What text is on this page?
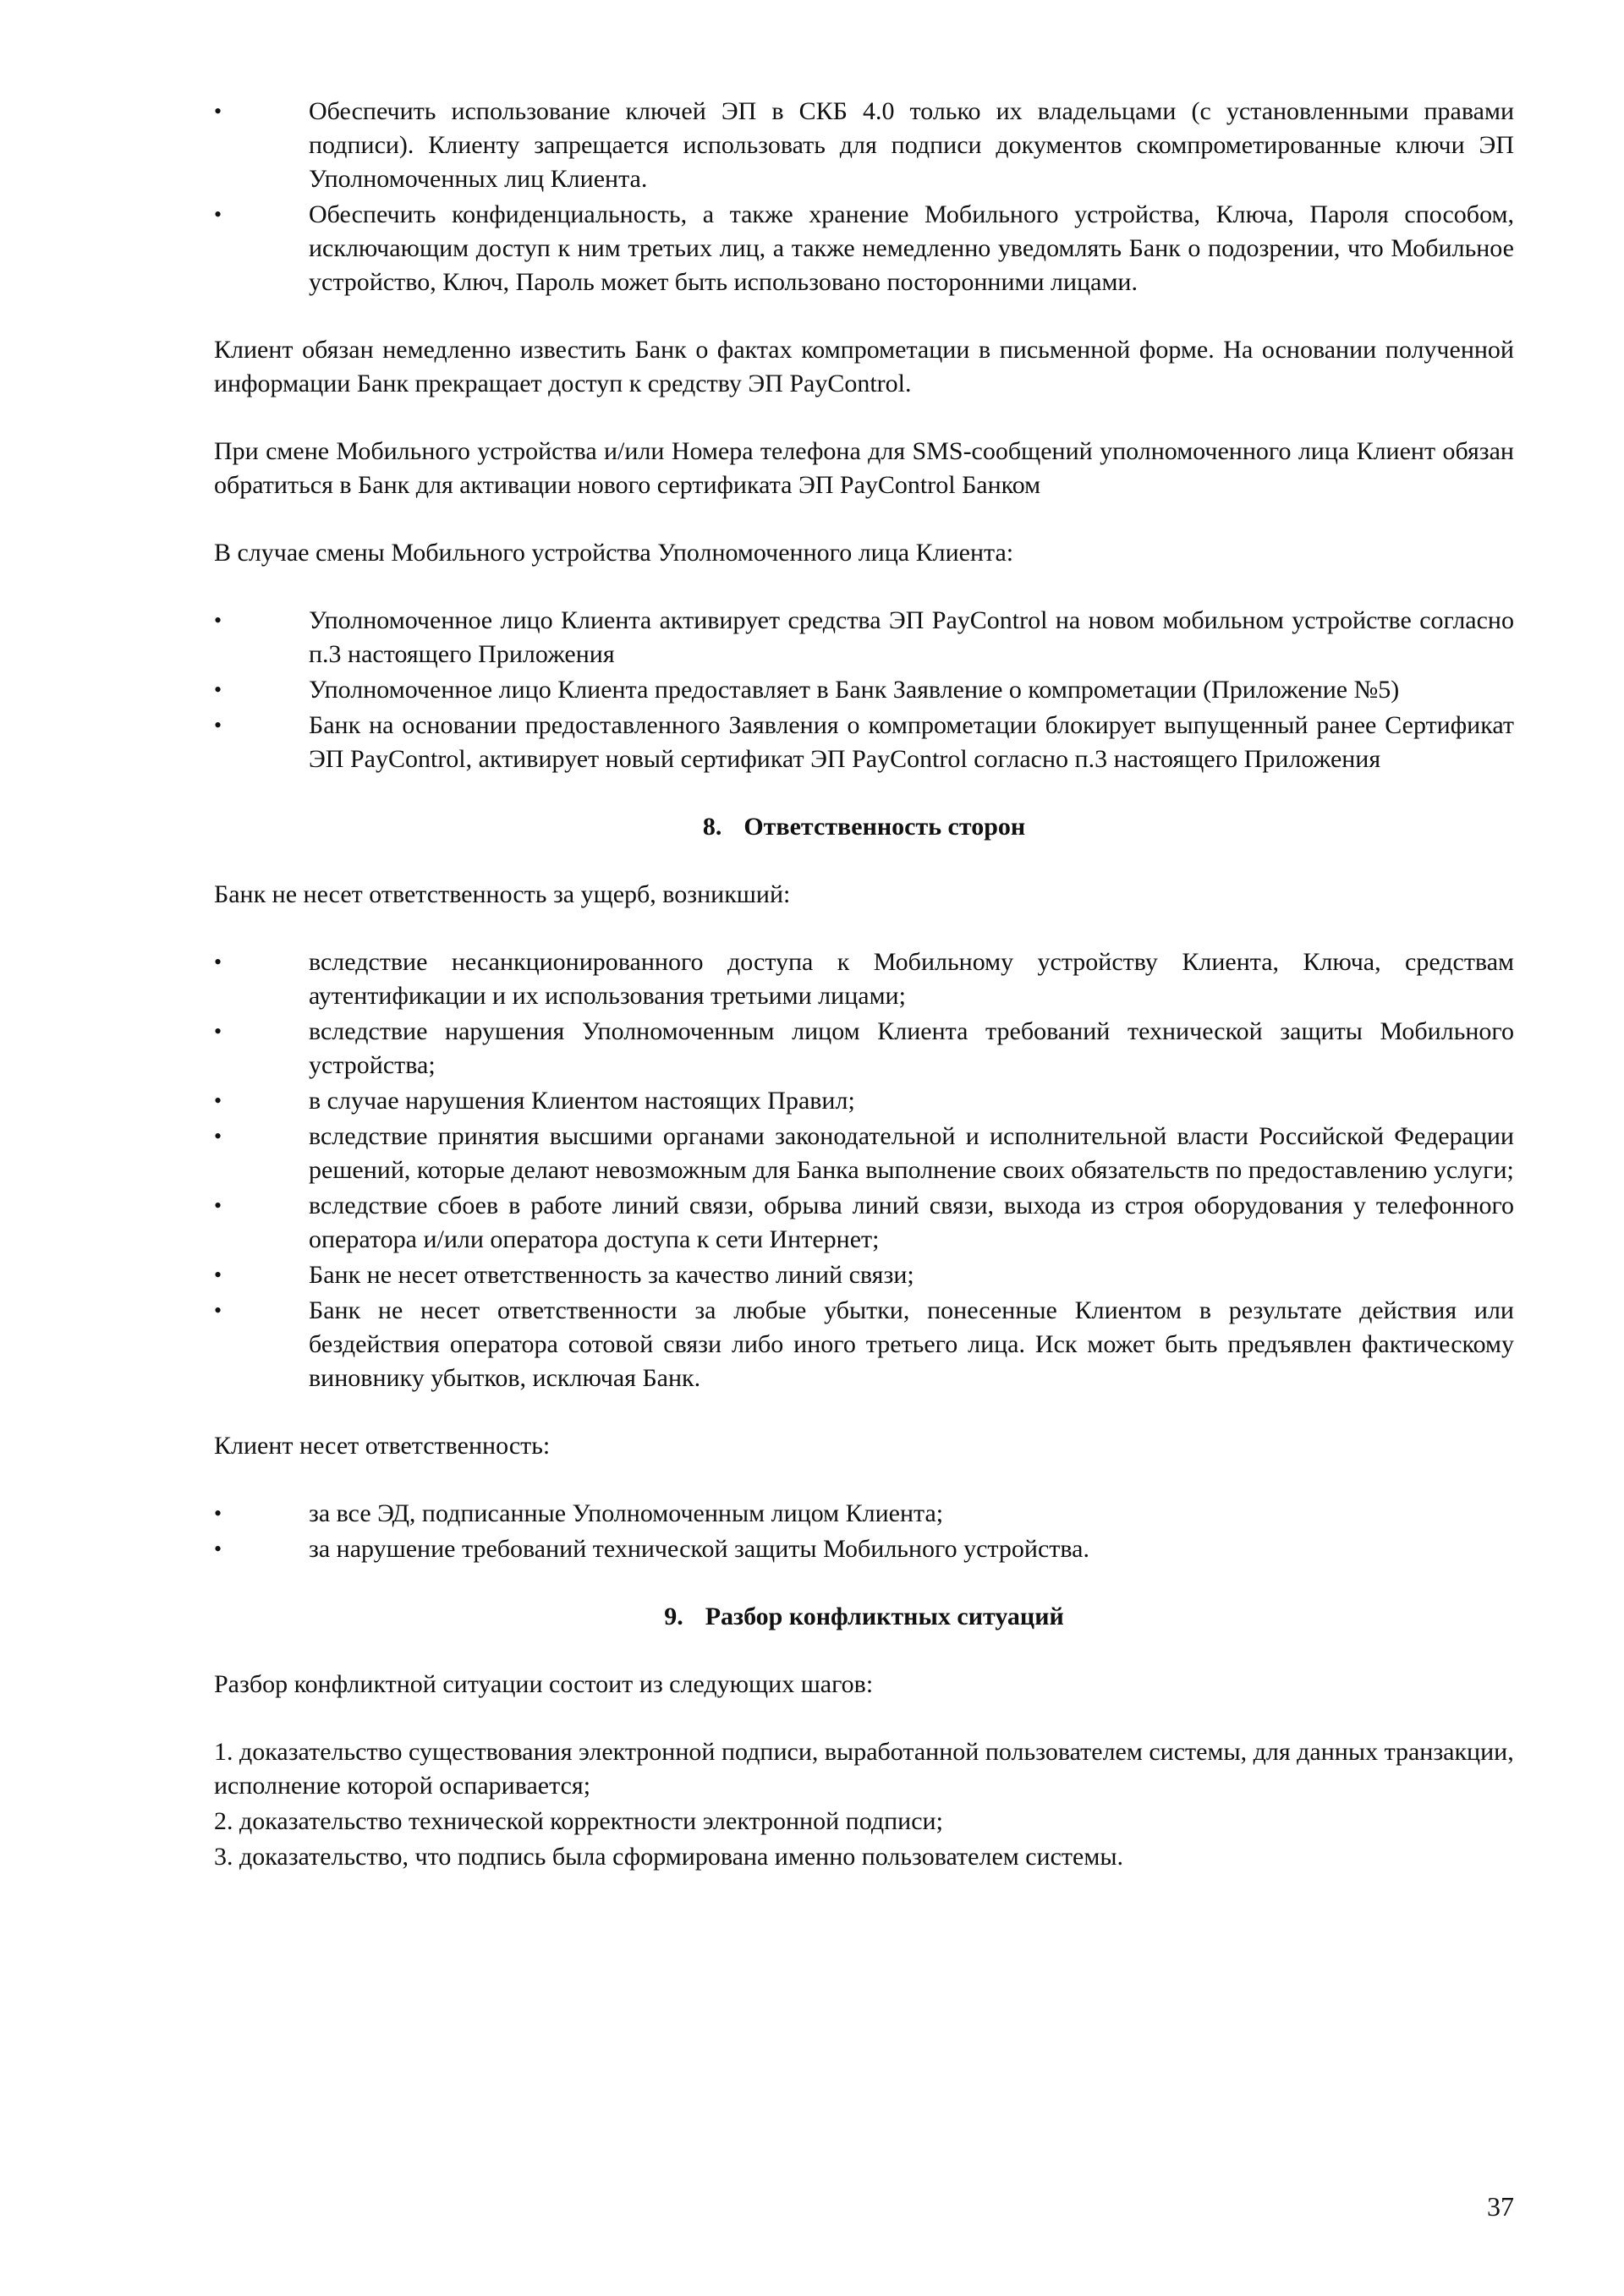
•	Обеспечить использование ключей ЭП в СКБ 4.0 только их владельцами (с установленными правами подписи). Клиенту запрещается использовать для подписи документов скомпрометированные ключи ЭП Уполномоченных лиц Клиента.
•	Обеспечить конфиденциальность, а также хранение Мобильного устройства, Ключа, Пароля способом, исключающим доступ к ним третьих лиц, а также немедленно уведомлять Банк о подозрении, что Мобильное устройство, Ключ, Пароль может быть использовано посторонними лицами.

Клиент обязан немедленно известить Банк о фактах компрометации в письменной форме. На основании полученной информации Банк прекращает доступ к средству ЭП PayControl.

При смене Мобильного устройства и/или Номера телефона для SMS-сообщений уполномоченного лица Клиент обязан обратиться в Банк для активации нового сертификата ЭП PayControl Банком

В случае смены Мобильного устройства Уполномоченного лица Клиента:

•	Уполномоченное лицо Клиента активирует средства ЭП PayControl на новом мобильном устройстве согласно п.3 настоящего Приложения
•	Уполномоченное лицо Клиента предоставляет в Банк Заявление о компрометации (Приложение №5)
•	Банк на основании предоставленного Заявления о компрометации блокирует выпущенный ранее Сертификат ЭП PayControl, активирует новый сертификат ЭП PayControl согласно п.3 настоящего Приложения
8. Ответственность сторон

Банк не несет ответственность за ущерб, возникший:

•	вследствие несанкционированного доступа к Мобильному устройству Клиента, Ключа, средствам аутентификации и их использования третьими лицами;
•	вследствие нарушения Уполномоченным лицом Клиента требований технической защиты Мобильного устройства;
•	в случае нарушения Клиентом настоящих Правил;
•	вследствие принятия высшими органами законодательной и исполнительной власти Российской Федерации решений, которые делают невозможным для Банка выполнение своих обязательств по предоставлению услуги;
•	вследствие сбоев в работе линий связи, обрыва линий связи, выхода из строя оборудования у телефонного оператора и/или оператора доступа к сети Интернет;
•	Банк не несет ответственность за качество линий связи;
•	Банк не несет ответственности за любые убытки, понесенные Клиентом в результате действия или бездействия оператора сотовой связи либо иного третьего лица. Иск может быть предъявлен фактическому виновнику убытков, исключая Банк.

Клиент несет ответственность:

•	за все ЭД, подписанные Уполномоченным лицом Клиента;
•	за нарушение требований технической защиты Мобильного устройства.
9. Разбор конфликтных ситуаций

Разбор конфликтной ситуации состоит из следующих шагов:

1. доказательство существования электронной подписи, выработанной пользователем системы, для данных транзакции, исполнение которой оспаривается;

2. доказательство технической корректности электронной подписи;

3. доказательство, что подпись была сформирована именно пользователем системы.

37
